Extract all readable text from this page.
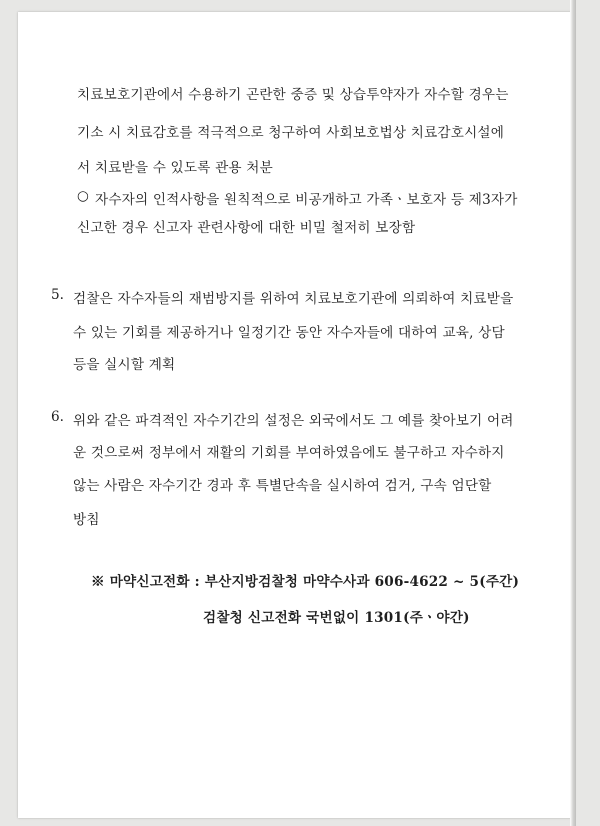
치료보호기관에서 수용하기 곤란한 중증 및 상습투약자가 자수할 경우는
기소 시 치료감호를 적극적으로 청구하여 사회보호법상 치료감호시설에
서 치료받을 수 있도록 관용 처분
○ 자수자의 인적사항을 원칙적으로 비공개하고 가족ㆍ보호자 등 제3자가
신고한 경우 신고자 관련사항에 대한 비밀 철저히 보장함
5. 검찰은 자수자들의 재범방지를 위하여 치료보호기관에 의뢰하여 치료받을
수 있는 기회를 제공하거나 일정기간 동안 자수자들에 대하여 교육, 상담
등을 실시할 계획
6. 위와 같은 파격적인 자수기간의 설정은 외국에서도 그 예를 찾아보기 어려
운 것으로써 정부에서 재활의 기회를 부여하였음에도 불구하고 자수하지
않는 사람은 자수기간 경과 후 특별단속을 실시하여 검거, 구속 엄단할
방침
※ 마약신고전화 : 부산지방검찰청 마약수사과 606-4622 ~ 5(주간)
검찰청 신고전화 국번없이 1301(주ㆍ야간)
